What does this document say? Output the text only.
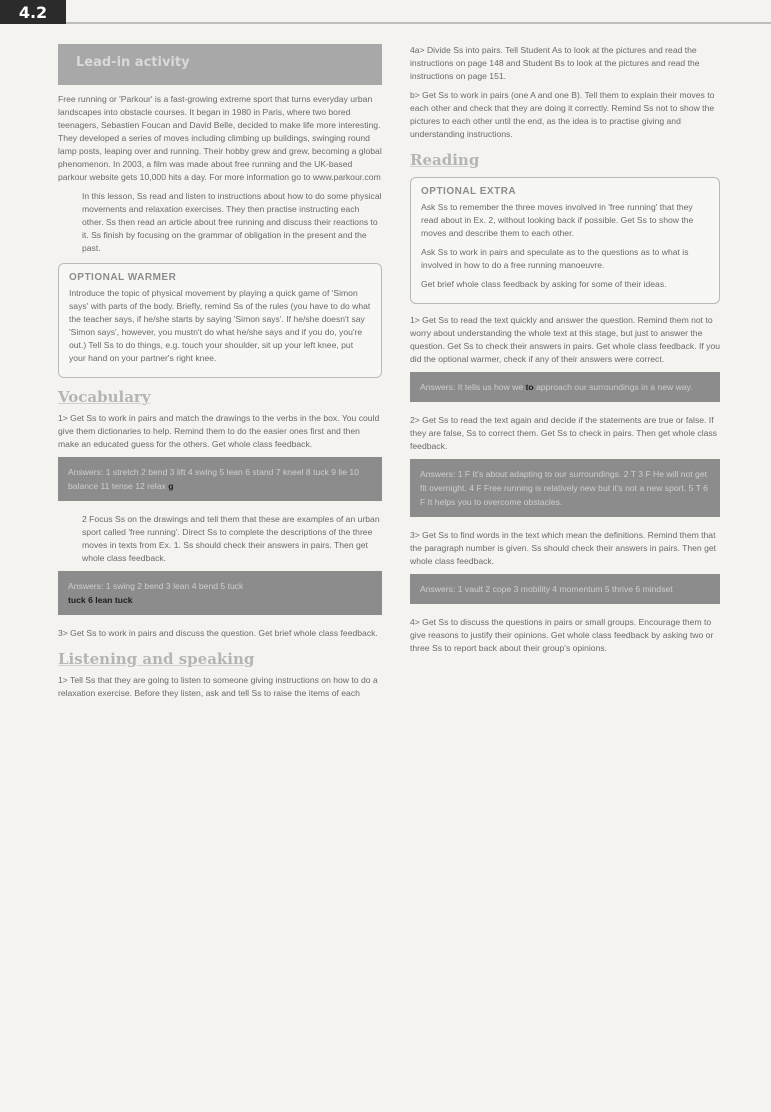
4.2
Lead-in activity

Free running or 'Parkour' is a fast-growing extreme sport that turns everyday urban landscapes into obstacle courses. It began in 1980 in Paris, where two bored teenagers, Sebastien Foucan and David Belle, decided to make life more interesting. They developed a series of moves including climbing up buildings, swinging round lamp posts, leaping over and running. Their hobby grew and grew, becoming a global phenomenon. In 2003, a film was made about free running and the UK-based parkour website gets 10,000 hits a day. For more information go to www.parkour.com

In this lesson, Ss read and listen to instructions about how to do some physical movements and relaxation exercises. They then practise instructing each other. Ss then read an article about free running and discuss their reactions to it. Ss finish by focusing on the grammar of obligation in the present and the past.

OPTIONAL WARMER

Introduce the topic of physical movement by playing a quick game of 'Simon says' with parts of the body. Briefly, remind Ss of the rules (you have to do what the teacher says, if he/she starts by saying 'Simon says'. If he/she doesn't say 'Simon says', however, you mustn't do what he/she says and if you do, you're out.) Tell Ss to do things, e.g. touch your shoulder, sit up your left knee, put your hand on your partner's right knee.

Vocabulary

1> Get Ss to work in pairs and match the drawings to the verbs in the box. You could give them dictionaries to help. Remind them to do the easier ones first and then make an educated guess for the others. Get whole class feedback.

Answers: 1 stretch 2 bend 3 lift 4 swing 5 lean 6 stand 7 kneel 8 tuck 9 lie 10 balance 11 tense 12 relax g

2 Focus Ss on the drawings and tell them that these are examples of an urban sport called 'free running'. Direct Ss to complete the descriptions of the three moves in texts from Ex. 1. Ss should check their answers in pairs. Then get whole class feedback.

Answers: 1 swing 2 bend 3 lean 4 bend 5 tuck
tuck 6 lean tuck

3> Get Ss to work in pairs and discuss the question. Get brief whole class feedback.

Listening and speaking

1> Tell Ss that they are going to listen to someone giving instructions on how to do a relaxation exercise. Before they listen, ask and tell Ss to raise the items of each

4a> Divide Ss into pairs. Tell Student As to look at the pictures and read the instructions on page 148 and Student Bs to look at the pictures and read the instructions on page 151.

b> Get Ss to work in pairs (one A and one B). Tell them to explain their moves to each other and check that they are doing it correctly. Remind Ss not to show the pictures to each other until the end, as the idea is to practise giving and understanding instructions.

Reading
OPTIONAL EXTRA

Ask Ss to remember the three moves involved in 'free running' that they read about in Ex. 2, without looking back if possible. Get Ss to show the moves and describe them to each other.

Ask Ss to work in pairs and speculate as to the questions as to what is involved in how to do a free running manoeuvre.

Get brief whole class feedback by asking for some of their ideas.

1> Get Ss to read the text quickly and answer the question. Remind them not to worry about understanding the whole text at this stage, but just to answer the question. Get Ss to check their answers in pairs. Get whole class feedback. If you did the optional warmer, check if any of their answers were correct.

Answers: It tells us how we to approach our surroundings in a new way.

2> Get Ss to read the text again and decide if the statements are true or false. If they are false, Ss to correct them. Get Ss to check in pairs. Then get whole class feedback.

Answers: 1 F It's about adapting to our surroundings. 2 T 3 F He will not get fit overnight. 4 F Free running is relatively new but it's not a new sport. 5 T 6 F It helps you to overcome obstacles.

3> Get Ss to find words in the text which mean the definitions. Remind them that the paragraph number is given. Ss should check their answers in pairs. Then get whole class feedback.

Answers: 1 vault 2 cope 3 mobility 4 momentum 5 thrive 6 mindset

4> Get Ss to discuss the questions in pairs or small groups. Encourage them to give reasons to justify their opinions. Get whole class feedback by asking two or three Ss to report back about their group's opinions.
